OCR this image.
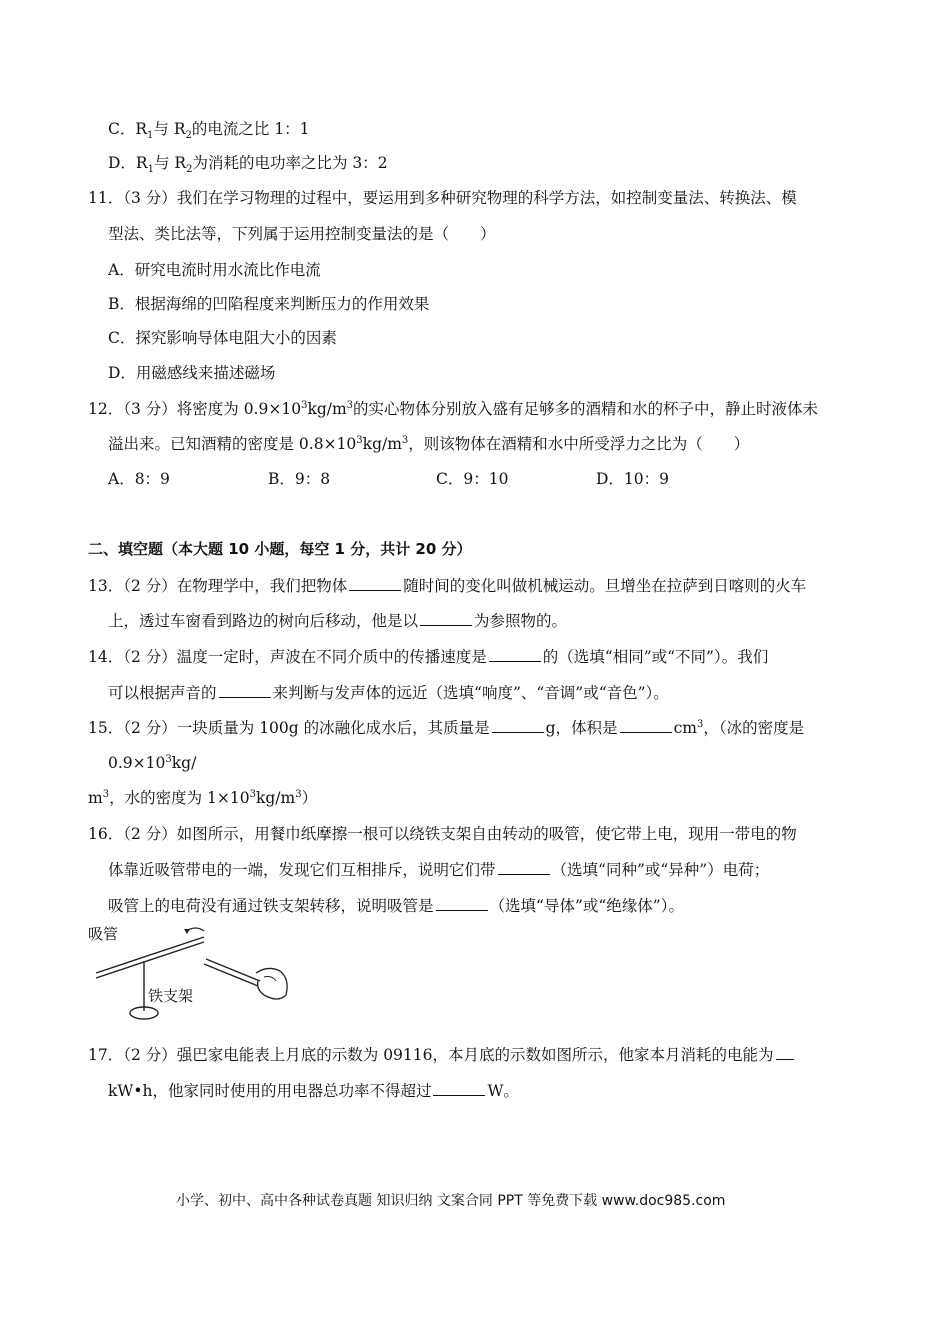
C．$R_1$与 $R_2$的电流之比 1：1
D．$R_1$与 $R_2$为消耗的电功率之比为 3：2
11．（3 分）我们在学习物理的过程中，要运用到多种研究物理的科学方法，如控制变量法、转换法、模
型法、类比法等，下列属于运用控制变量法的是（　　）
A．研究电流时用水流比作电流
B．根据海绵的凹陷程度来判断压力的作用效果
C．探究影响导体电阻大小的因素
D．用磁感线来描述磁场
12．（3 分）将密度为 $0.9\times 10^3kg/m^3$的实心物体分别放入盛有足够多的酒精和水的杯子中，静止时液体未
溢出来。已知酒精的密度是 $0.8\times 10^3kg/m^3$，则该物体在酒精和水中所受浮力之比为（　　）
A．8：9	B．9：8	C．9：10	D．10：9
二、填空题（本大题 10 小题，每空 1 分，共计 20 分）
13．（2 分）在物理学中，我们把物体	随时间的变化叫做机械运动。旦增坐在拉萨到日喀则的火车
上，透过车窗看到路边的树向后移动，他是以	为参照物的。
14．（2 分）温度一定时，声波在不同介质中的传播速度是	的（选填“相同”或“不同”）。我们
可以根据声音的	来判断与发声体的远近（选填“响度”、“音调”或“音色”）。
15．（2 分）一块质量为 100g 的冰融化成水后，其质量是	g，体积是	$cm^3$，（冰的密度是
$0.9\times 10^3kg/$
$m^3$，水的密度为 $1\times 10^3kg/m^3$）
16．（2 分）如图所示，用餐巾纸摩擦一根可以绕铁支架自由转动的吸管，使它带上电，现用一带电的物
体靠近吸管带电的一端，发现它们互相排斥，说明它们带	（选填“同种”或“异种”）电荷；
吸管上的电荷没有通过铁支架转移，说明吸管是	（选填“导体”或“绝缘体”）。
吸管
铁支架
17．（2 分）强巴家电能表上月底的示数为 09116，本月底的示数如图所示，他家本月消耗的电能为
kW•h，他家同时使用的用电器总功率不得超过	W。
小学、初中、高中各种试卷真题 知识归纳 文案合同 PPT 等免费下载 www.doc985.com
